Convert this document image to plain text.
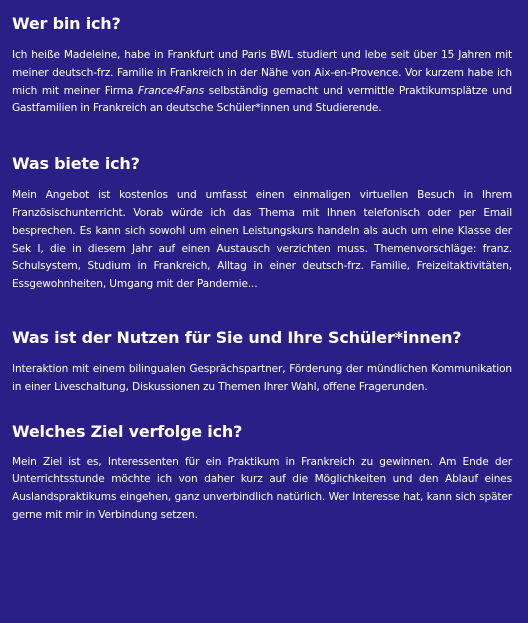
Wer bin ich?

Ich heiße Madeleine, habe in Frankfurt und Paris BWL studiert und lebe seit über 15 Jahren mit meiner deutsch-frz. Familie in Frankreich in der Nähe von Aix-en-Provence. Vor kurzem habe ich mich mit meiner Firma France4Fans selbständig gemacht und vermittle Praktikumsplätze und Gastfamilien in Frankreich an deutsche Schüler*innen und Studierende.

Was biete ich?

Mein Angebot ist kostenlos und umfasst einen einmaligen virtuellen Besuch in Ihrem Französischunterricht. Vorab würde ich das Thema mit Ihnen telefonisch oder per Email besprechen. Es kann sich sowohl um einen Leistungskurs handeln als auch um eine Klasse der Sek I, die in diesem Jahr auf einen Austausch verzichten muss. Themenvorschläge: franz. Schulsystem, Studium in Frankreich, Alltag in einer deutsch-frz. Familie, Freizeitaktivitäten, Essgewohnheiten, Umgang mit der Pandemie...

Was ist der Nutzen für Sie und Ihre Schüler*innen?

Interaktion mit einem bilingualen Gesprächspartner, Förderung der mündlichen Kommunikation in einer Liveschaltung, Diskussionen zu Themen Ihrer Wahl, offene Fragerunden.

Welches Ziel verfolge ich?

Mein Ziel ist es, Interessenten für ein Praktikum in Frankreich zu gewinnen. Am Ende der Unterrichtsstunde möchte ich von daher kurz auf die Möglichkeiten und den Ablauf eines Auslandspraktikums eingehen, ganz unverbindlich natürlich. Wer Interesse hat, kann sich später gerne mit mir in Verbindung setzen.
